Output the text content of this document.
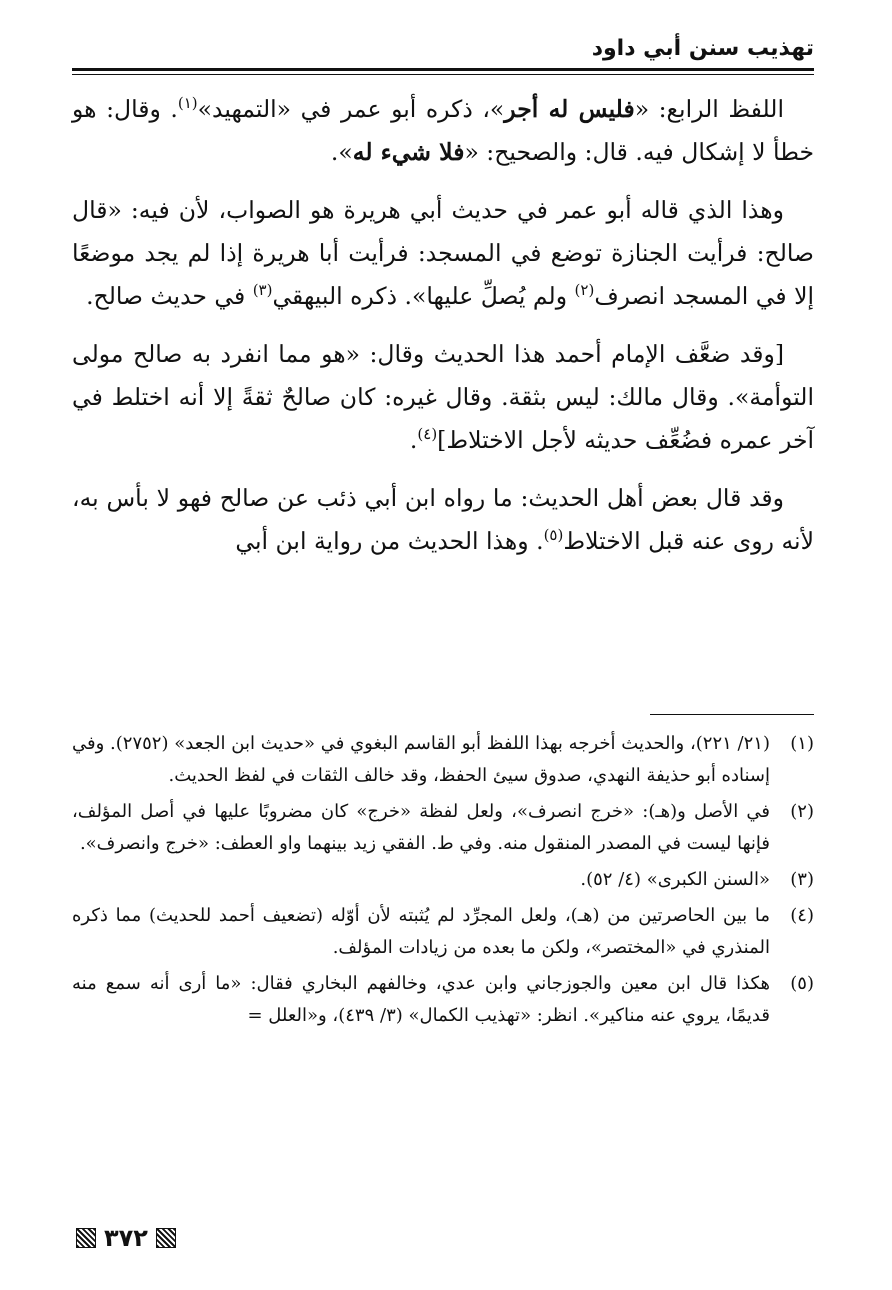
تهذيب سنن أبي داود

اللفظ الرابع: «فليس له أجر»، ذكره أبو عمر في «التمهيد»$^{(١)}$. وقال: هو خطأ لا إشكال فيه. قال: والصحيح: «فلا شيء له».

وهذا الذي قاله أبو عمر في حديث أبي هريرة هو الصواب، لأن فيه: «قال صالح: فرأيت الجنازة توضع في المسجد: فرأيت أبا هريرة إذا لم يجد موضعًا إلا في المسجد انصرف$^{(٢)}$ ولم يُصلِّ عليها». ذكره البيهقي$^{(٣)}$ في حديث صالح.

[وقد ضعَّف الإمام أحمد هذا الحديث وقال: «هو مما انفرد به صالح مولى التوأمة». وقال مالك: ليس بثقة. وقال غيره: كان صالحٌ ثقةً إلا أنه اختلط في آخر عمره فضُعِّف حديثه لأجل الاختلاط]$^{(٤)}$.

وقد قال بعض أهل الحديث: ما رواه ابن أبي ذئب عن صالح فهو لا بأس به، لأنه روى عنه قبل الاختلاط$^{(٥)}$. وهذا الحديث من رواية ابن أبي

(١)
(٢١/ ٢٢١)، والحديث أخرجه بهذا اللفظ أبو القاسم البغوي في «حديث ابن الجعد» (٢٧٥٢). وفي إسناده أبو حذيفة النهدي، صدوق سيئ الحفظ، وقد خالف الثقات في لفظ الحديث.
(٢)
في الأصل و(هـ): «خرج انصرف»، ولعل لفظة «خرج» كان مضروبًا عليها في أصل المؤلف، فإنها ليست في المصدر المنقول منه. وفي ط. الفقي زيد بينهما واو العطف: «خرج وانصرف».
(٣)
«السنن الكبرى» (٤/ ٥٢).
(٤)
ما بين الحاصرتين من (هـ)، ولعل المجرِّد لم يُثبته لأن أوّله (تضعيف أحمد للحديث) مما ذكره المنذري في «المختصر»، ولكن ما بعده من زيادات المؤلف.
(٥)
هكذا قال ابن معين والجوزجاني وابن عدي، وخالفهم البخاري فقال: «ما أرى أنه سمع منه قديمًا، يروي عنه مناكير». انظر: «تهذيب الكمال» (٣/ ٤٣٩)، و«العلل =
٣٧٢
